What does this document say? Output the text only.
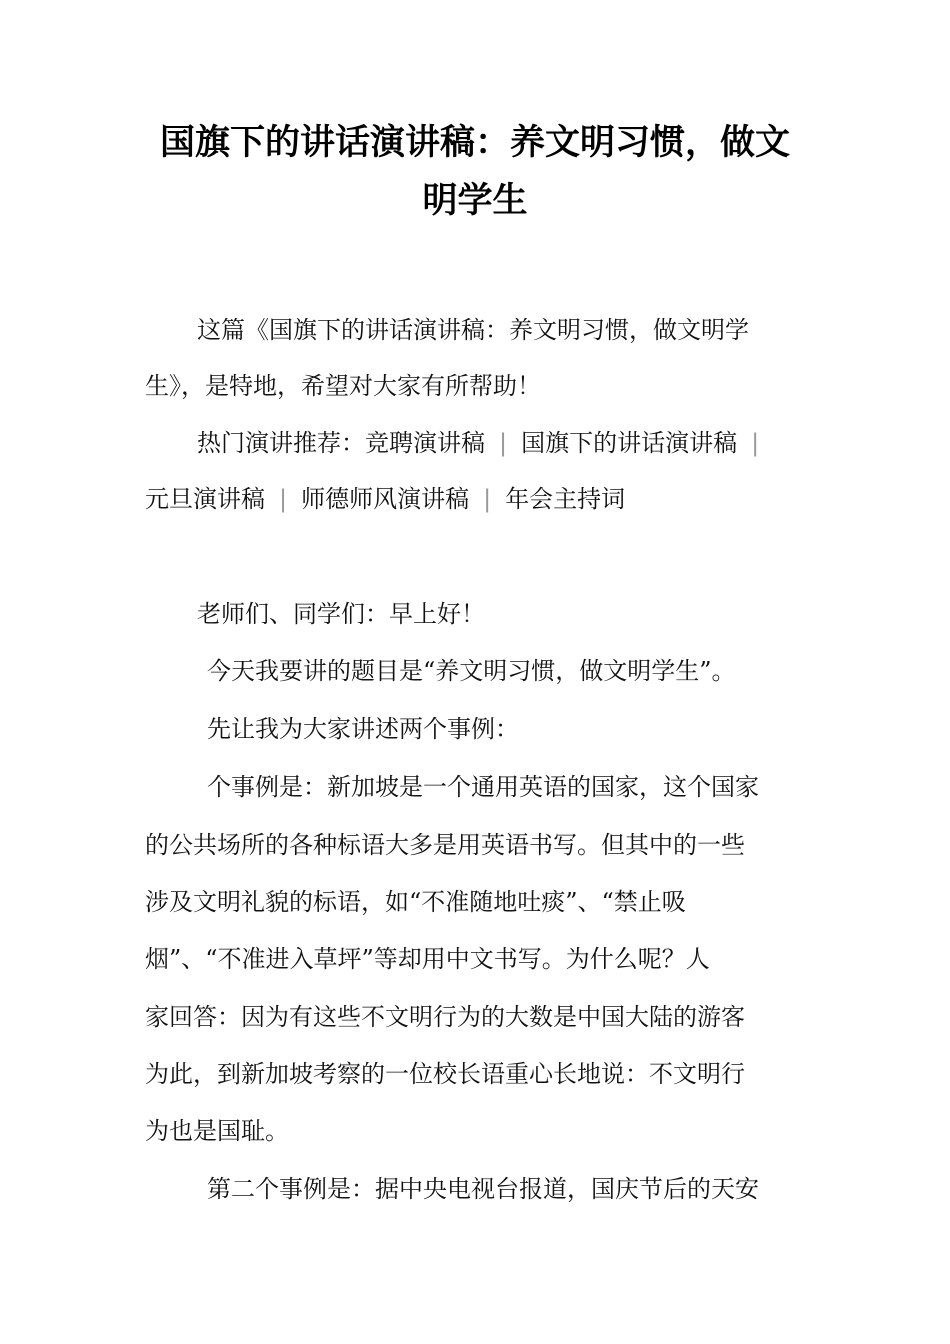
国旗下的讲话演讲稿：养文明习惯，做文
明学生
这篇《国旗下的讲话演讲稿：养文明习惯，做文明学
生》，是特地，希望对大家有所帮助！
热门演讲推荐：竞聘演讲稿 | 国旗下的讲话演讲稿 |
元旦演讲稿 | 师德师风演讲稿 | 年会主持词
老师们、同学们：早上好！
今天我要讲的题目是“养文明习惯，做文明学生”。
先让我为大家讲述两个事例：
个事例是：新加坡是一个通用英语的国家，这个国家
的公共场所的各种标语大多是用英语书写。但其中的一些
涉及文明礼貌的标语，如“不准随地吐痰”、“禁止吸
烟”、“不准进入草坪”等却用中文书写。为什么呢？人
家回答：因为有这些不文明行为的大数是中国大陆的游客
为此，到新加坡考察的一位校长语重心长地说：不文明行
为也是国耻。
第二个事例是：据中央电视台报道，国庆节后的天安
